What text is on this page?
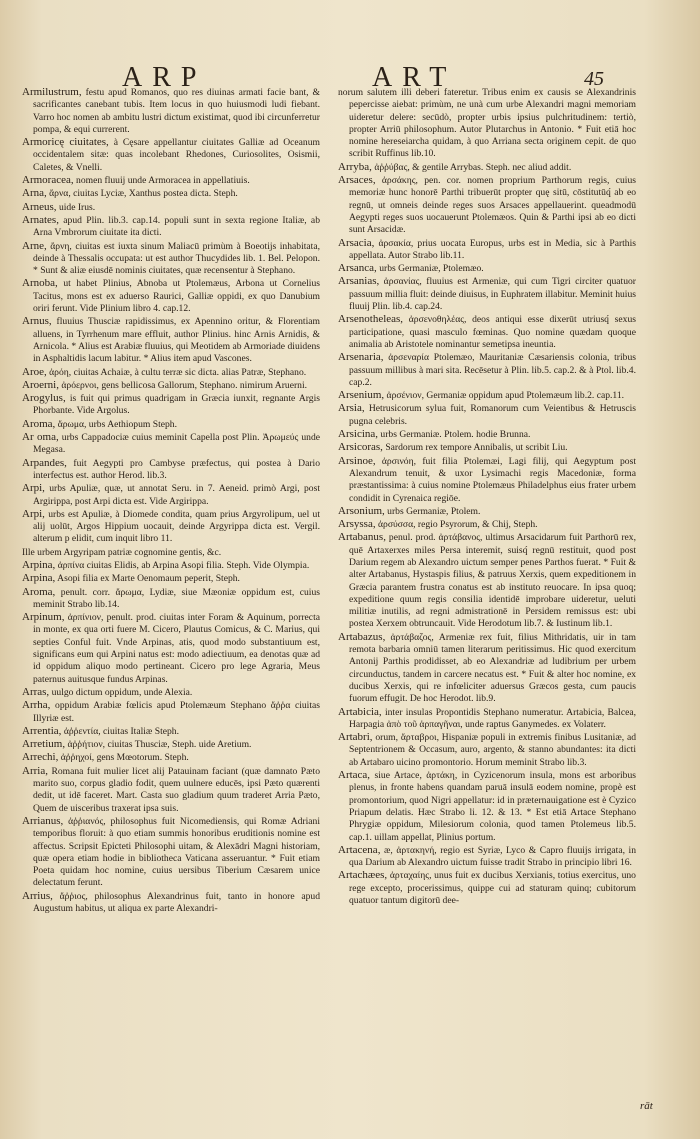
ARP	ART	45

Armilustrum, festu apud Romanos, quo res diuinas armati facie bant, & sacrificantes canebant tubis. Item locus in quo huiusmodi ludi fiebant. Varro hoc nomen ab ambitu lustri dictum existimat, quod ibi circunferretur pompa, & equi currerent.

Armoricę ciuitates, à Cęsare appellantur ciuitates Galliæ ad Oceanum occidentalem sitæ: quas incolebant Rhedones, Curiosolites, Osismii, Caletes, & Vnelli.

Armoracea, nomen fluuij unde Armoracea in appellatiuis.

Arna, ἄρνα, ciuitas Lyciæ, Xanthus postea dicta. Steph.

Arneus, uide Irus.

Arnates, apud Plin. lib.3. cap.14. populi sunt in sexta regione Italiæ, ab Arna Vmbrorum ciuitate ita dicti.

Arne, ἄρνη, ciuitas est iuxta sinum Maliacū primùm à Boeotijs inhabitata, deinde à Thessalis occupata: ut est author Thucydides lib. 1. Bel. Pelopon. * Sunt & aliæ eiusdē nominis ciuitates, quæ recensentur à Stephano.

Arnoba, ut habet Plinius, Abnoba ut Ptolemæus, Arbona ut Cornelius Tacitus, mons est ex aduerso Raurici, Galliæ oppidi, ex quo Danubium oriri ferunt. Vide Plinium libro 4. cap.12.

Arnus, fluuius Thusciæ rapidissimus, ex Apennino oritur, & Florentiam alluens, in Tyrrhenum mare effluit, author Plinius. hinc Arnis Arnidis, & Arnicola. * Alius est Arabiæ fluuius, qui Meotidem ab Armoriade diuidens in Asphaltidis lacum labitur. * Alius item apud Vascones.

Aroe, ἀρόη, ciuitas Achaiæ, à cultu terræ sic dicta. alias Patræ, Stephano.

Aroerni, ἀρόερνοι, gens bellicosa Gallorum, Stephano. nimirum Aruerni.

Arogylus, is fuit qui primus quadrigam in Græcia iunxit, regnante Argis Phorbante. Vide Argolus.

Aroma, ἄρωμα, urbs Aethiopum Steph.

Ar oma, urbs Cappadociæ cuius meminit Capella post Plin. Ἀρωμεύς unde Megasa.

Arpandes, fuit Aegypti pro Cambyse præfectus, qui postea à Dario interfectus est. author Herod. lib.3.

Arpi, urbs Apuliæ, quæ, ut annotat Seru. in 7. Aeneid. primò Argi, post Argirippa, post Arpi dicta est. Vide Argirippa.

Arpi, urbs est Apuliæ, à Diomede condita, quam prius Argyrolipum, uel ut alij uolūt, Argos Hippium uocauit, deinde Argyrippa dicta est. Vergil. alterum p elidit, cum inquit libro 11.

Ille urbem Argyripam patriæ cognomine gentis, &c.

Arpina, ἀρπίνα ciuitas Elidis, ab Arpina Asopi filia. Steph. Vide Olympia.

Arpina, Asopi filia ex Marte Oenomaum peperit, Steph.

Aroma, penult. corr. ἄρωμα, Lydiæ, siue Mæoniæ oppidum est, cuius meminit Strabo lib.14.

Arpinum, ἀρπίνιον, penult. prod. ciuitas inter Foram & Aquinum, porrecta in monte, ex qua orti fuere M. Cicero, Plautus Comicus, & C. Marius, qui septies Conful fuit. Vnde Arpinas, atis, quod modo substantiuum est, significans eum qui Arpini natus est: modo adiectiuum, ea denotas quæ ad id oppidum aliquo modo pertineant. Cicero pro lege Agraria, Meus paternus auitusque fundus Arpinas.

Arras, uulgo dictum oppidum, unde Alexia.

Arrha, oppidum Arabiæ fœlicis apud Ptolemæum Stephano ἄῤῥα ciuitas Illyriæ est.

Arrentia, ἀῤῥεντία, ciuitas Italiæ Steph.

Arretium, ἀῤῥήτιον, ciuitas Thusciæ, Steph. uide Aretium.

Arrechi, ἀῤῥηχοί, gens Mœotorum. Steph.

Arria, Romana fuit mulier licet alij Patauinam faciant (quæ damnato Pæto marito suo, corpus gladio fodit, quem uulnere educēs, ipsi Pæto quærenti dedit, ut idē faceret. Mart. Casta suo gladium quum traderet Arria Pæto, Quem de uisceribus traxerat ipsa suis.

Arrianus, ἀῤῥιανός, philosophus fuit Nicomediensis, qui Romæ Adriani temporibus floruit: à quo etiam summis honoribus eruditionis nomine est affectus. Scripsit Epicteti Philosophi uitam, & Alexādri Magni historiam, quæ opera etiam hodie in bibliotheca Vaticana asseruantur. * Fuit etiam Poeta quidam hoc nomine, cuius uersibus Tiberium Cæsarem unice delectatum ferunt.

Arrius, ἄῤῥιος, philosophus Alexandrinus fuit, tanto in honore apud Augustum habitus, ut aliqua ex parte Alexandri-

norum salutem illi deberi fateretur. Tribus enim ex causis se Alexandrinis pepercisse aiebat: primùm, ne unà cum urbe Alexandri magni memoriam uideretur delere: secūdò, propter urbis ipsius pulchritudinem: tertiò, propter Arriū philosophum. Autor Plutarchus in Antonio. * Fuit etiā hoc nomine hereseiarcha quidam, à quo Arriana secta originem cepit. de quo scribit Ruffinus lib.10.

Arryba, ἀῤῥύβας, & gentile Arrybas. Steph. nec aliud addit.

Arsaces, ἀρσάκης, pen. cor. nomen proprium Parthorum regis, cuius memoriæ hunc honorē Parthi tribuerūt propter quę sitū, cōstitutūq́ ab eo regnū, ut omneis deinde reges suos Arsaces appellauerint. queadmodū Aegypti reges suos uocauerunt Ptolemæos. Quin & Parthi ipsi ab eo dicti sunt Arsacidæ.

Arsacia, ἀρσακία, prius uocata Europus, urbs est in Media, sic à Parthis appellata. Autor Strabo lib.11.

Arsanca, urbs Germaniæ, Ptolemæo.

Arsanias, ἀρσανίας, fluuius est Armeniæ, qui cum Tigri circiter quatuor passuum millia fluit: deinde diuisus, in Euphratem illabitur. Meminit huius fluuij Plin. lib.4. cap.24.

Arsenotheleas, ἀρσενοθηλέας, deos antiqui esse dixerūt utriusq́ sexus participatione, quasi masculo fœminas. Quo nomine quædam quoque animalia ab Aristotele nominantur semetipsa ineuntia.

Arsenaria, ἀρσεναρία Ptolemæo, Mauritaniæ Cæsariensis colonia, tribus passuum millibus à mari sita. Recēsetur à Plin. lib.5. cap.2. & à Ptol. lib.4. cap.2.

Arsenium, ἀρσένιον, Germaniæ oppidum apud Ptolemæum lib.2. cap.11.

Arsia, Hetrusicorum sylua fuit, Romanorum cum Veientibus & Hetruscis pugna celebris.

Arsicina, urbs Germaniæ. Ptolem. hodie Brunna.

Arsicoras, Sardorum rex tempore Annibalis, ut scribit Liu.

Arsinoe, ἀρσινόη, fuit filia Ptolemæi, Lagi filij, qui Aegyptum post Alexandrum tenuit, & uxor Lysimachi regis Macedoniæ, forma præstantissima: à cuius nomine Ptolemæus Philadelphus eius frater urbem condidit in Cyrenaica regiōe.

Arsonium, urbs Germaniæ, Ptolem.

Arsyssa, ἀρσύσσα, regio Psyrorum, & Chij, Steph.

Artabanus, penul. prod. ἀρτάβανος, ultimus Arsacidarum fuit Parthorū rex, quē Artaxerxes miles Persa interemit, suisq́ regnū restituit, quod post Darium regem ab Alexandro uictum semper penes Parthos fuerat. * Fuit & alter Artabanus, Hystaspis filius, & patruus Xerxis, quem expeditionem in Græcia parantem frustra conatus est ab instituto reuocare. In ipsa quoq; expeditione quum regis consilia identidē improbare uideretur, ueluti militiæ inutilis, ad regni admistrationē in Persidem remissus est: ubi postea Xerxem obtruncauit. Vide Herodotum lib.7. & Iustinum lib.1.

Artabazus, ἀρτάβαζος, Armeniæ rex fuit, filius Mithridatis, uir in tam remota barbaria omniū tamen literarum peritissimus. Hic quod exercitum Antonij Parthis prodidisset, ab eo Alexandriæ ad ludibrium per urbem circunductus, tandem in carcere necatus est. * Fuit & alter hoc nomine, ex ducibus Xerxis, qui re infœliciter aduersus Græcos gesta, cum paucis fuorum effugit. De hoc Herodot. lib.9.

Artabicia, inter insulas Propontidis Stephano numeratur. Artabicia, Balcea, Harpagia ἀπὸ τοῦ ἁρπαγῆναι, unde raptus Ganymedes. ex Volaterr.

Artabri, orum, ἄρταβροι, Hispaniæ populi in extremis finibus Lusitaniæ, ad Septentrionem & Occasum, auro, argento, & stanno abundantes: ita dicti ab Artabaro uicino promontorio. Horum meminit Strabo lib.3.

Artaca, siue Artace, ἀρτάκη, in Cyzicenorum insula, mons est arboribus plenus, in fronte habens quandam paruā insulā eodem nomine, propè est promontorium, quod Nigri appellatur: id in præternauigatione est è Cyzico Priapum delatis. Hæc Strabo li. 12. & 13. * Est etiā Artace Stephano Phrygiæ oppidum, Milesiorum colonia, quod tamen Ptolemeus lib.5. cap.1. uillam appellat, Plinius portum.

Artacena, æ, ἀρτακηνή, regio est Syriæ, Lyco & Capro fluuijs irrigata, in qua Darium ab Alexandro uictum fuisse tradit Strabo in principio libri 16.

Artachæes, ἀρταχαίης, unus fuit ex ducibus Xerxianis, totius exercitus, uno rege excepto, procerissimus, quippe cui ad staturam quinq; cubitorum quatuor tantum digitorū dee-

rāt
